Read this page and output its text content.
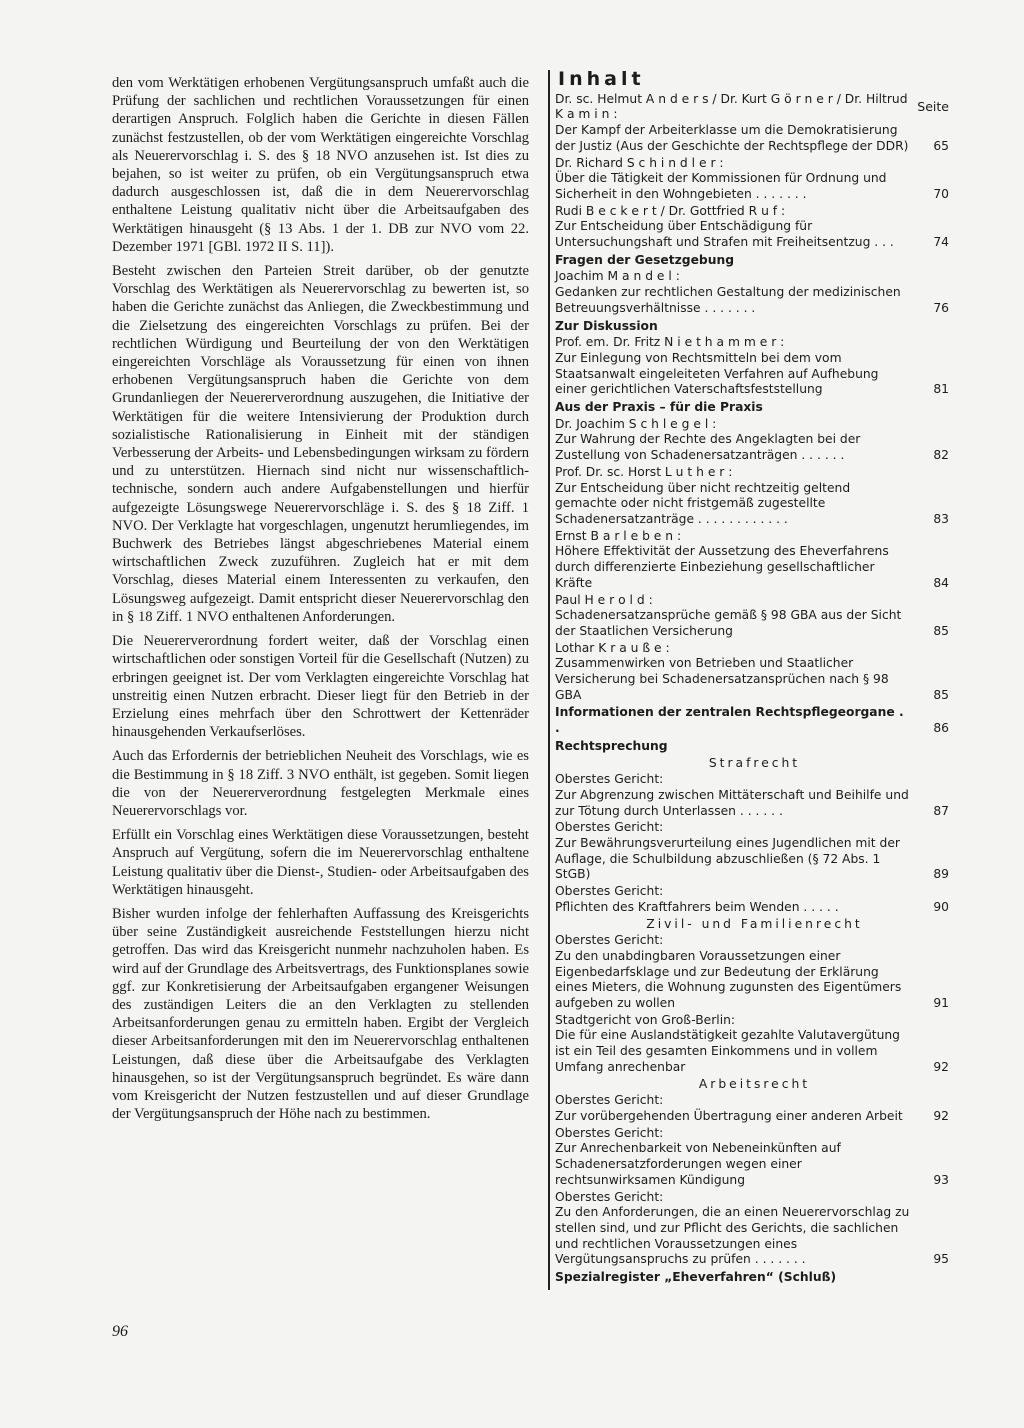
den vom Werktätigen erhobenen Vergütungsanspruch umfaßt auch die Prüfung der sachlichen und rechtlichen Voraussetzungen für einen derartigen Anspruch. Folglich haben die Gerichte in diesen Fällen zunächst festzustellen, ob der vom Werktätigen eingereichte Vorschlag als Neuerervorschlag i. S. des § 18 NVO anzusehen ist. Ist dies zu bejahen, so ist weiter zu prüfen, ob ein Vergütungsanspruch etwa dadurch ausgeschlossen ist, daß die in dem Neuerervorschlag enthaltene Leistung qualitativ nicht über die Arbeitsaufgaben des Werktätigen hinausgeht (§ 13 Abs. 1 der 1. DB zur NVO vom 22. Dezember 1971 [GBl. 1972 II S. 11]).

Besteht zwischen den Parteien Streit darüber, ob der genutzte Vorschlag des Werktätigen als Neuerervorschlag zu bewerten ist, so haben die Gerichte zunächst das Anliegen, die Zweckbestimmung und die Zielsetzung des eingereichten Vorschlags zu prüfen. Bei der rechtlichen Würdigung und Beurteilung der von den Werktätigen eingereichten Vorschläge als Voraussetzung für einen von ihnen erhobenen Vergütungsanspruch haben die Gerichte von dem Grundanliegen der Neuererverordnung auszugehen, die Initiative der Werktätigen für die weitere Intensivierung der Produktion durch sozialistische Rationalisierung in Einheit mit der ständigen Verbesserung der Arbeits- und Lebensbedingungen wirksam zu fördern und zu unterstützen. Hiernach sind nicht nur wissenschaftlich-technische, sondern auch andere Aufgabenstellungen und hierfür aufgezeigte Lösungswege Neuerervorschläge i. S. des § 18 Ziff. 1 NVO. Der Verklagte hat vorgeschlagen, ungenutzt herumliegendes, im Buchwerk des Betriebes längst abgeschriebenes Material einem wirtschaftlichen Zweck zuzuführen. Zugleich hat er mit dem Vorschlag, dieses Material einem Interessenten zu verkaufen, den Lösungsweg aufgezeigt. Damit entspricht dieser Neuerervorschlag den in § 18 Ziff. 1 NVO enthaltenen Anforderungen.

Die Neuererverordnung fordert weiter, daß der Vorschlag einen wirtschaftlichen oder sonstigen Vorteil für die Gesellschaft (Nutzen) zu erbringen geeignet ist. Der vom Verklagten eingereichte Vorschlag hat unstreitig einen Nutzen erbracht. Dieser liegt für den Betrieb in der Erzielung eines mehrfach über den Schrottwert der Kettenräder hinausgehenden Verkaufserlöses.

Auch das Erfordernis der betrieblichen Neuheit des Vorschlags, wie es die Bestimmung in § 18 Ziff. 3 NVO enthält, ist gegeben. Somit liegen die von der Neuererverordnung festgelegten Merkmale eines Neuerervorschlags vor.

Erfüllt ein Vorschlag eines Werktätigen diese Voraussetzungen, besteht Anspruch auf Vergütung, sofern die im Neuerervorschlag enthaltene Leistung qualitativ über die Dienst-, Studien- oder Arbeitsaufgaben des Werktätigen hinausgeht.

Bisher wurden infolge der fehlerhaften Auffassung des Kreisgerichts über seine Zuständigkeit ausreichende Feststellungen hierzu nicht getroffen. Das wird das Kreisgericht nunmehr nachzuholen haben. Es wird auf der Grundlage des Arbeitsvertrags, des Funktionsplanes sowie ggf. zur Konkretisierung der Arbeitsaufgaben ergangener Weisungen des zuständigen Leiters die an den Verklagten zu stellenden Arbeitsanforderungen genau zu ermitteln haben. Ergibt der Vergleich dieser Arbeitsanforderungen mit den im Neuerervorschlag enthaltenen Leistungen, daß diese über die Arbeitsaufgabe des Verklagten hinausgehen, so ist der Vergütungsanspruch begründet. Es wäre dann vom Kreisgericht der Nutzen festzustellen und auf dieser Grundlage der Vergütungsanspruch der Höhe nach zu bestimmen.

96
Inhalt
Seite
Dr. sc. Helmut A n d e r s / Dr. Kurt G ö r n e r / Dr. Hiltrud K a m i n :
Der Kampf der Arbeiterklasse um die Demokratisierung der Justiz (Aus der Geschichte der Rechtspflege der DDR) 65
Dr. Richard S c h i n d l e r :
Über die Tätigkeit der Kommissionen für Ordnung und Sicherheit in den Wohngebieten . . . . . . .	70
Rudi B e c k e r t / Dr. Gottfried R u f :
Zur Entscheidung über Entschädigung für Untersuchungshaft und Strafen mit Freiheitsentzug . . .	74
Fragen der Gesetzgebung
Joachim M a n d e l :
Gedanken zur rechtlichen Gestaltung der medizinischen Betreuungsverhältnisse . . . . . . .	76
Zur Diskussion
Prof. em. Dr. Fritz N i e t h a m m e r :
Zur Einlegung von Rechtsmitteln bei dem vom Staatsanwalt eingeleiteten Verfahren auf Aufhebung einer gerichtlichen Vaterschaftsfeststellung	81
Aus der Praxis – für die Praxis
Dr. Joachim S c h l e g e l :
Zur Wahrung der Rechte des Angeklagten bei der Zustellung von Schadenersatzanträgen . . . . . .	82
Prof. Dr. sc. Horst L u t h e r :
Zur Entscheidung über nicht rechtzeitig geltend gemachte oder nicht fristgemäß zugestellte Schadenersatzanträge . . . . . . . . . . . .	83
Ernst B a r l e b e n :
Höhere Effektivität der Aussetzung des Eheverfahrens durch differenzierte Einbeziehung gesellschaftlicher Kräfte	84
Paul H e r o l d :
Schadenersatzansprüche gemäß § 98 GBA aus der Sicht der Staatlichen Versicherung	85
Lothar K r a u ß e :
Zusammenwirken von Betrieben und Staatlicher Versicherung bei Schadenersatzansprüchen nach § 98 GBA	85
Informationen der zentralen Rechtspflegeorgane . .	86
Rechtsprechung
Strafrecht
Oberstes Gericht:
Zur Abgrenzung zwischen Mittäterschaft und Beihilfe und zur Tötung durch Unterlassen . . . . . .	87
Oberstes Gericht:
Zur Bewährungsverurteilung eines Jugendlichen mit der Auflage, die Schulbildung abzuschließen (§ 72 Abs. 1 StGB)	89
Oberstes Gericht:
Pflichten des Kraftfahrers beim Wenden . . . . .	90
Zivil- und Familienrecht
Oberstes Gericht:
Zu den unabdingbaren Voraussetzungen einer Eigenbedarfsklage und zur Bedeutung der Erklärung eines Mieters, die Wohnung zugunsten des Eigentümers aufgeben zu wollen	91
Stadtgericht von Groß-Berlin:
Die für eine Auslandstätigkeit gezahlte Valutavergütung ist ein Teil des gesamten Einkommens und in vollem Umfang anrechenbar	92
Arbeitsrecht
Oberstes Gericht:
Zur vorübergehenden Übertragung einer anderen Arbeit	92
Oberstes Gericht:
Zur Anrechenbarkeit von Nebeneinkünften auf Schadenersatzforderungen wegen einer rechtsunwirksamen Kündigung	93
Oberstes Gericht:
Zu den Anforderungen, die an einen Neuerervorschlag zu stellen sind, und zur Pflicht des Gerichts, die sachlichen und rechtlichen Voraussetzungen eines Vergütungsanspruchs zu prüfen . . . . . . .	95
Spezialregister „Eheverfahren“ (Schluß)
